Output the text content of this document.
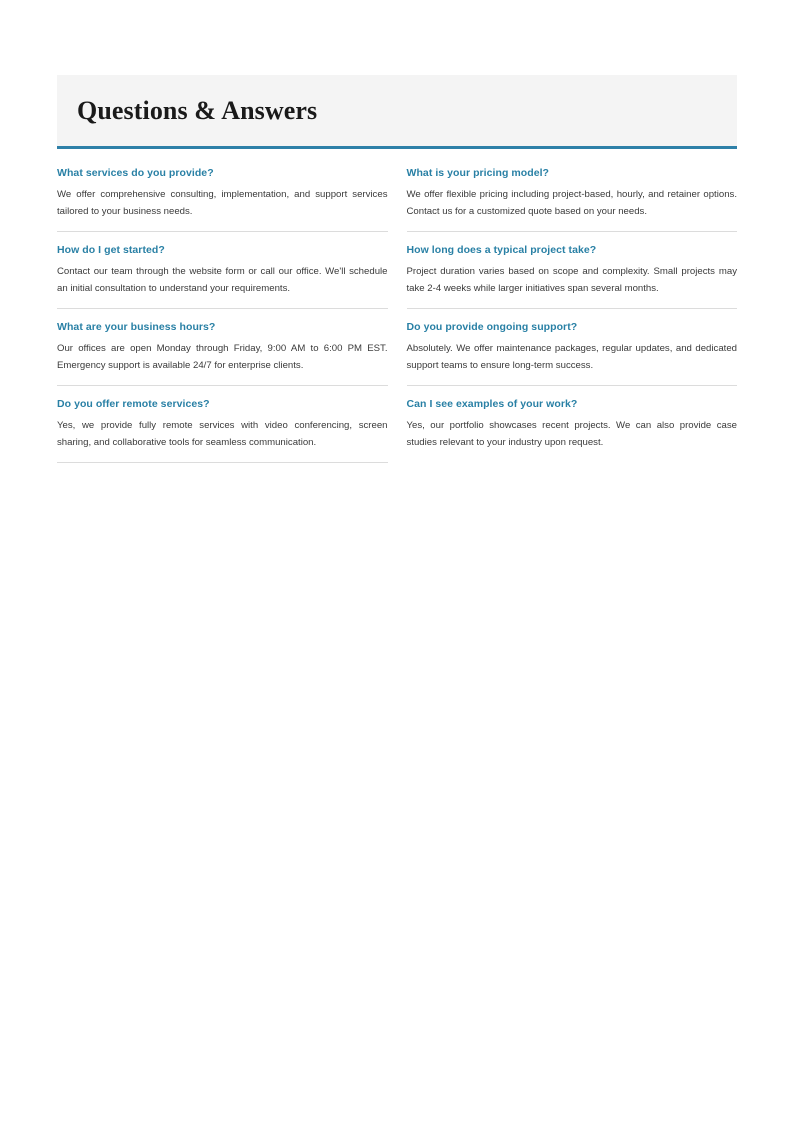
Questions & Answers
What services do you provide?

We offer comprehensive consulting, implementation, and support services tailored to your business needs.

How do I get started?

Contact our team through the website form or call our office. We'll schedule an initial consultation to understand your requirements.

What are your business hours?

Our offices are open Monday through Friday, 9:00 AM to 6:00 PM EST. Emergency support is available 24/7 for enterprise clients.

Do you offer remote services?

Yes, we provide fully remote services with video conferencing, screen sharing, and collaborative tools for seamless communication.

What is your pricing model?

We offer flexible pricing including project-based, hourly, and retainer options. Contact us for a customized quote based on your needs.

How long does a typical project take?

Project duration varies based on scope and complexity. Small projects may take 2-4 weeks while larger initiatives span several months.

Do you provide ongoing support?

Absolutely. We offer maintenance packages, regular updates, and dedicated support teams to ensure long-term success.

Can I see examples of your work?

Yes, our portfolio showcases recent projects. We can also provide case studies relevant to your industry upon request.
